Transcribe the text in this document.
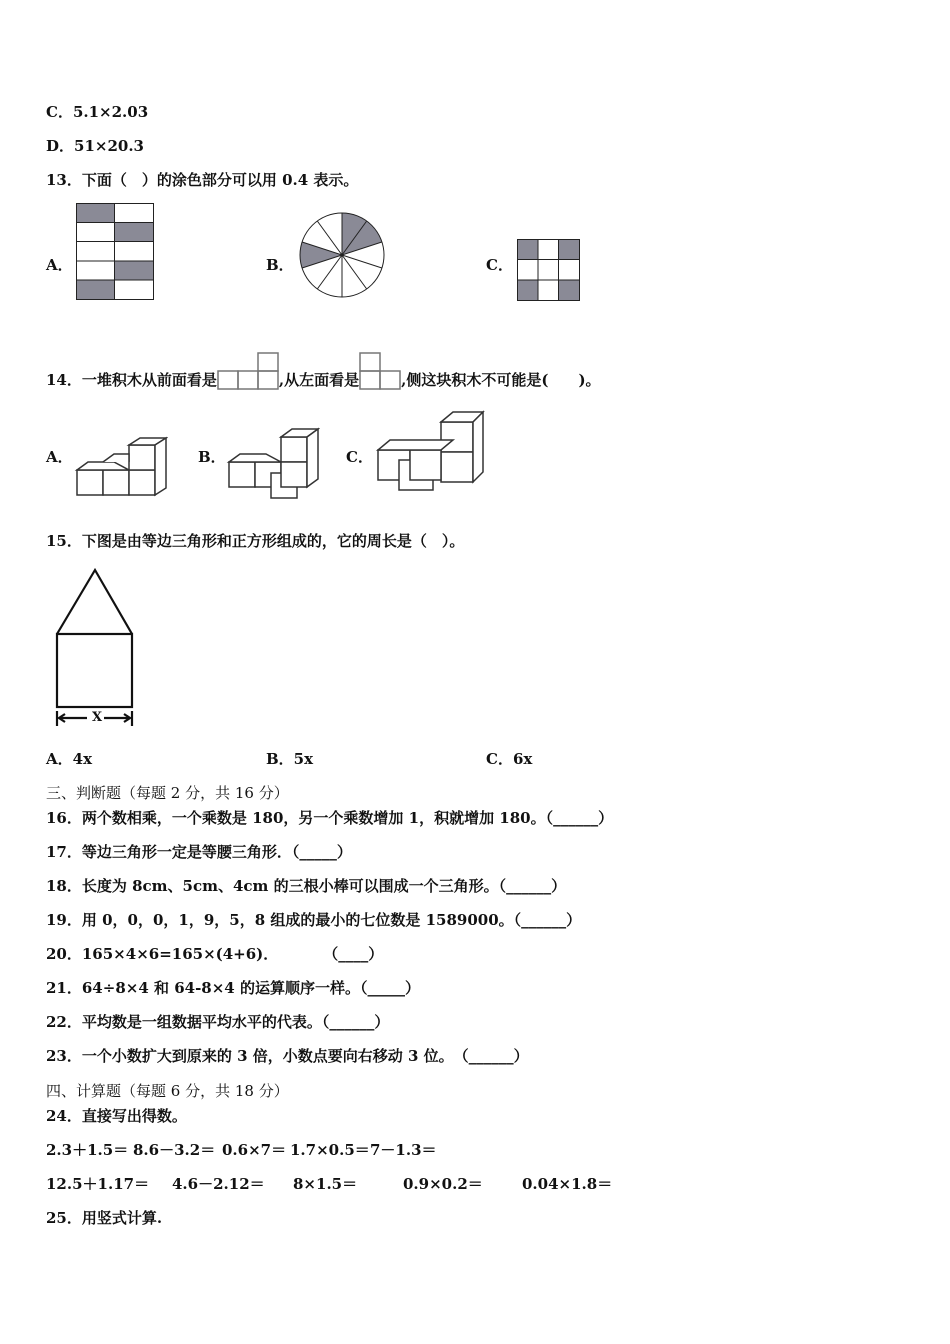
C．5.1×2.03
D．51×20.3
13．下面（　）的涂色部分可以用 0.4 表示。
A．	B．	C．
14．一堆积木从前面看是	,从左面看是	,侧这块积木不可能是(　　)。
A．	B．	C．
15．下图是由等边三角形和正方形组成的，它的周长是（　）。
X
A．4x	B．5x	C．6x
三、判断题（每题 2 分，共 16 分）
16．两个数相乘，一个乘数是 180，另一个乘数增加 1，积就增加 180。（______）
17．等边三角形一定是等腰三角形．（_____）
18．长度为 8cm、5cm、4cm 的三根小棒可以围成一个三角形。（______）
19．用 0，0，0，1，9，5，8 组成的最小的七位数是 1589000。（______）
20．165×4×6=165×(4+6)．　　　　（____）
21．64÷8×4 和 64-8×4 的运算顺序一样。（_____）
22．平均数是一组数据平均水平的代表。（______）
23．一个小数扩大到原来的 3 倍，小数点要向右移动 3 位。　（______）
四、计算题（每题 6 分，共 18 分）
24．直接写出得数。
2.3＋1.5＝ 8.6－3.2＝ 0.6×7＝ 1.7×0.5＝ 7－1.3＝
12.5＋1.17＝ 4.6－2.12＝ 8×1.5＝	0.9×0.2＝	0.04×1.8＝
25．用竖式计算.
